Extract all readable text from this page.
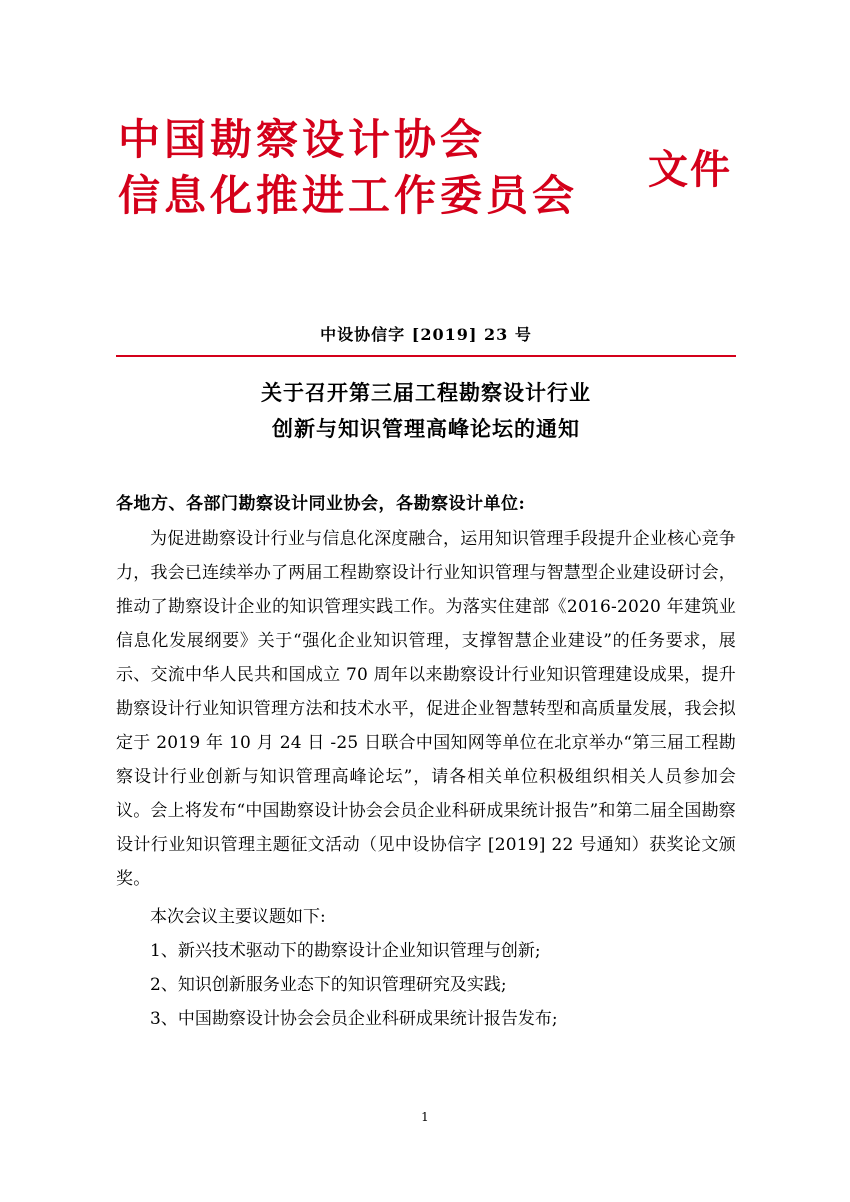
中国勘察设计协会
信息化推进工作委员会
文件
中设协信字 [2019] 23 号
关于召开第三届工程勘察设计行业
创新与知识管理高峰论坛的通知
各地方、各部门勘察设计同业协会，各勘察设计单位:
为促进勘察设计行业与信息化深度融合，运用知识管理手段提升企业核心竞争力，我会已连续举办了两届工程勘察设计行业知识管理与智慧型企业建设研讨会，推动了勘察设计企业的知识管理实践工作。为落实住建部《2016-2020 年建筑业信息化发展纲要》关于“强化企业知识管理，支撑智慧企业建设”的任务要求，展示、交流中华人民共和国成立 70 周年以来勘察设计行业知识管理建设成果，提升勘察设计行业知识管理方法和技术水平，促进企业智慧转型和高质量发展，我会拟定于 2019 年 10 月 24 日 -25 日联合中国知网等单位在北京举办“第三届工程勘察设计行业创新与知识管理高峰论坛”，请各相关单位积极组织相关人员参加会议。会上将发布“中国勘察设计协会会员企业科研成果统计报告”和第二届全国勘察设计行业知识管理主题征文活动（见中设协信字 [2019] 22 号通知）获奖论文颁奖。
本次会议主要议题如下:
1、新兴技术驱动下的勘察设计企业知识管理与创新;
2、知识创新服务业态下的知识管理研究及实践;
3、中国勘察设计协会会员企业科研成果统计报告发布;
1
